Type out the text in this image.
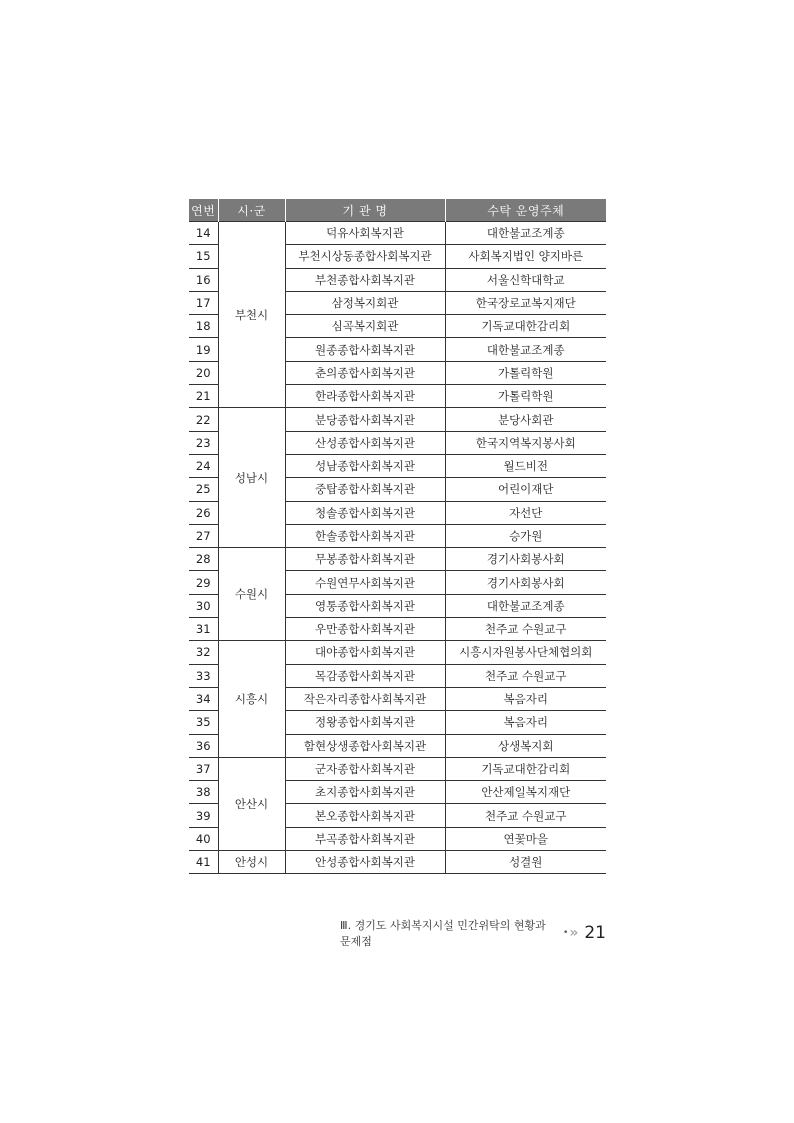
연번	시·군	기 관 명	수탁 운영주체
14	부천시	덕유사회복지관	대한불교조계종
15		부천시상동종합사회복지관	사회복지법인 양지바른
16		부천종합사회복지관	서울신학대학교
17		삼정복지회관	한국장로교복지재단
18		심곡복지회관	기독교대한감리회
19		원종종합사회복지관	대한불교조계종
20		춘의종합사회복지관	가톨릭학원
21		한라종합사회복지관	가톨릭학원
22	성남시	분당종합사회복지관	분당사회관
23		산성종합사회복지관	한국지역복지봉사회
24		성남종합사회복지관	월드비전
25		중탑종합사회복지관	어린이재단
26		청솔종합사회복지관	자선단
27		한솔종합사회복지관	승가원
28	수원시	무봉종합사회복지관	경기사회봉사회
29		수원연무사회복지관	경기사회봉사회
30		영통종합사회복지관	대한불교조계종
31		우만종합사회복지관	천주교 수원교구
32	시흥시	대야종합사회복지관	시흥시자원봉사단체협의회
33		목감종합사회복지관	천주교 수원교구
34		작은자리종합사회복지관	복음자리
35		정왕종합사회복지관	복음자리
36		함현상생종합사회복지관	상생복지회
37	안산시	군자종합사회복지관	기독교대한감리회
38		초지종합사회복지관	안산제일복지재단
39		본오종합사회복지관	천주교 수원교구
40		부곡종합사회복지관	연꽃마을
41	안성시	안성종합사회복지관	성결원
Ⅲ. 경기도 사회복지시설 민간위탁의 현황과 문제점
• » 21
